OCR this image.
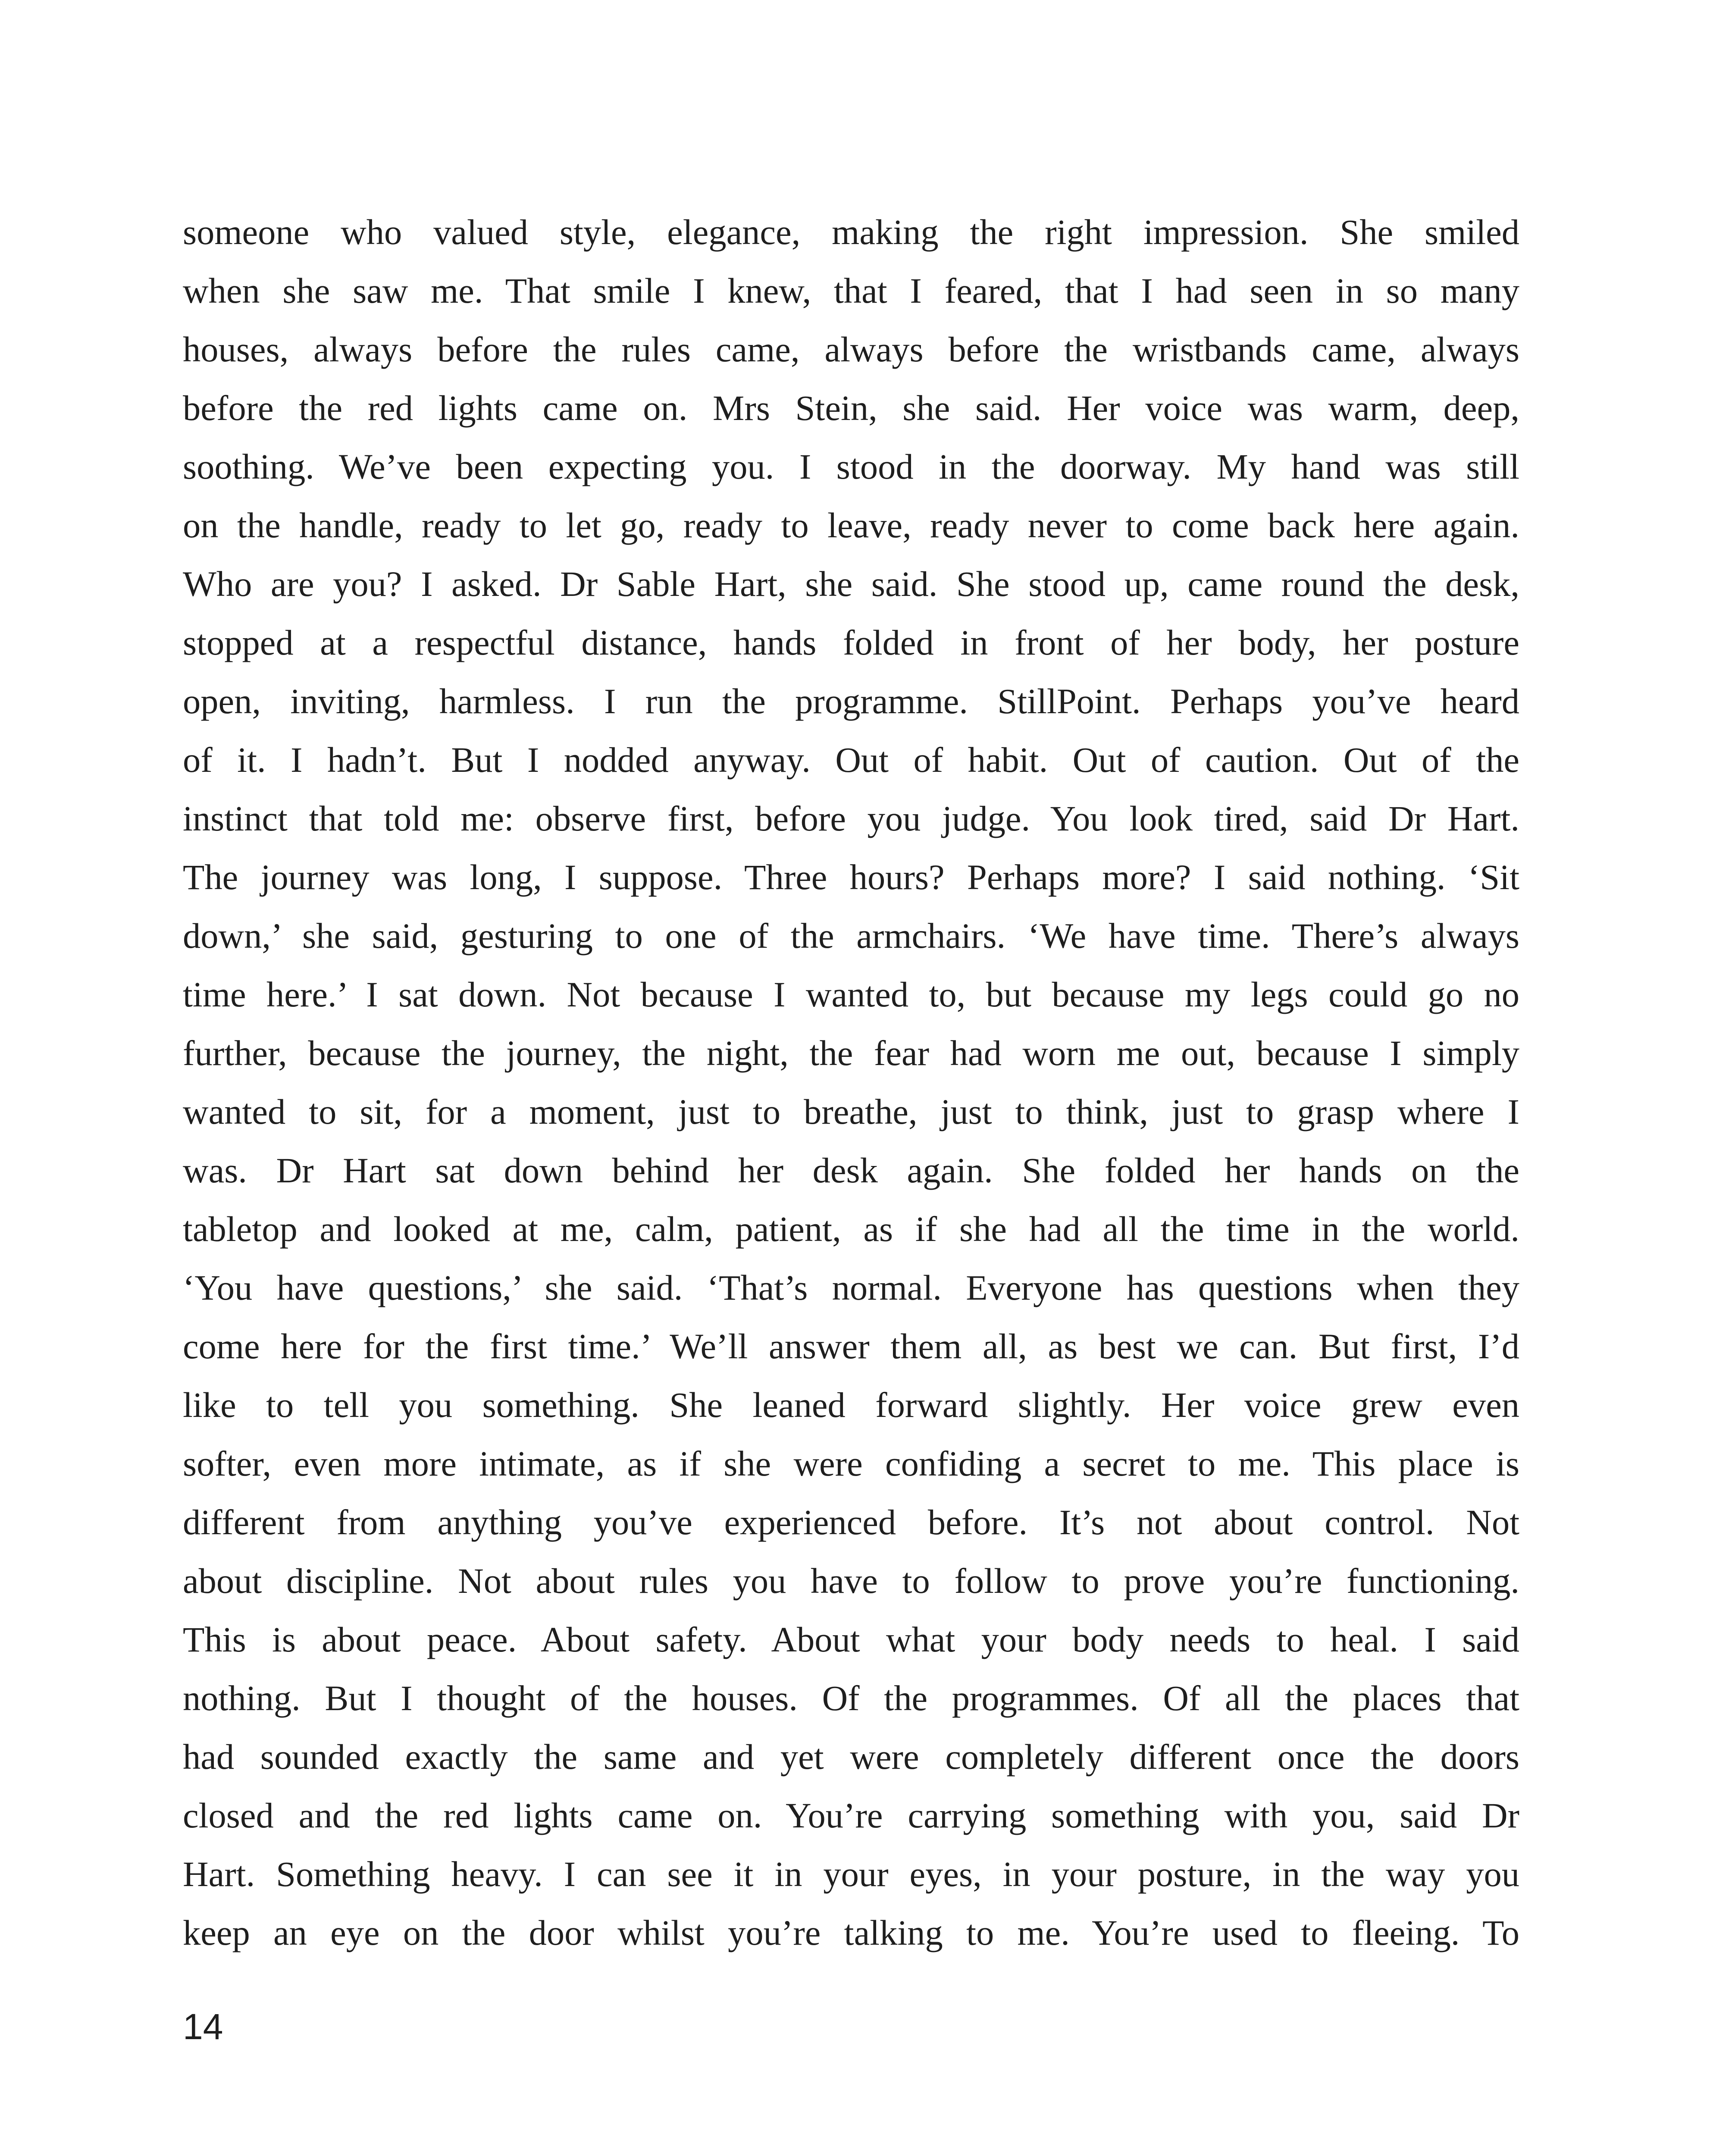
someone who valued style, elegance, making the right impression. She smiled
when she saw me. That smile I knew, that I feared, that I had seen in so many
houses, always before the rules came, always before the wristbands came, always
before the red lights came on. Mrs Stein, she said. Her voice was warm, deep,
soothing. We’ve been expecting you. I stood in the doorway. My hand was still
on the handle, ready to let go, ready to leave, ready never to come back here again.
Who are you? I asked. Dr Sable Hart, she said. She stood up, came round the desk,
stopped at a respectful distance, hands folded in front of her body, her posture
open, inviting, harmless. I run the programme. StillPoint. Perhaps you’ve heard
of it. I hadn’t. But I nodded anyway. Out of habit. Out of caution. Out of the
instinct that told me: observe first, before you judge. You look tired, said Dr Hart.
The journey was long, I suppose. Three hours? Perhaps more? I said nothing. ‘Sit
down,’ she said, gesturing to one of the armchairs. ‘We have time. There’s always
time here.’ I sat down. Not because I wanted to, but because my legs could go no
further, because the journey, the night, the fear had worn me out, because I simply
wanted to sit, for a moment, just to breathe, just to think, just to grasp where I
was. Dr Hart sat down behind her desk again. She folded her hands on the
tabletop and looked at me, calm, patient, as if she had all the time in the world.
‘You have questions,’ she said. ‘That’s normal. Everyone has questions when they
come here for the first time.’ We’ll answer them all, as best we can. But first, I’d
like to tell you something. She leaned forward slightly. Her voice grew even
softer, even more intimate, as if she were confiding a secret to me. This place is
different from anything you’ve experienced before. It’s not about control. Not
about discipline. Not about rules you have to follow to prove you’re functioning.
This is about peace. About safety. About what your body needs to heal. I said
nothing. But I thought of the houses. Of the programmes. Of all the places that
had sounded exactly the same and yet were completely different once the doors
closed and the red lights came on. You’re carrying something with you, said Dr
Hart. Something heavy. I can see it in your eyes, in your posture, in the way you
keep an eye on the door whilst you’re talking to me. You’re used to fleeing. To
14
